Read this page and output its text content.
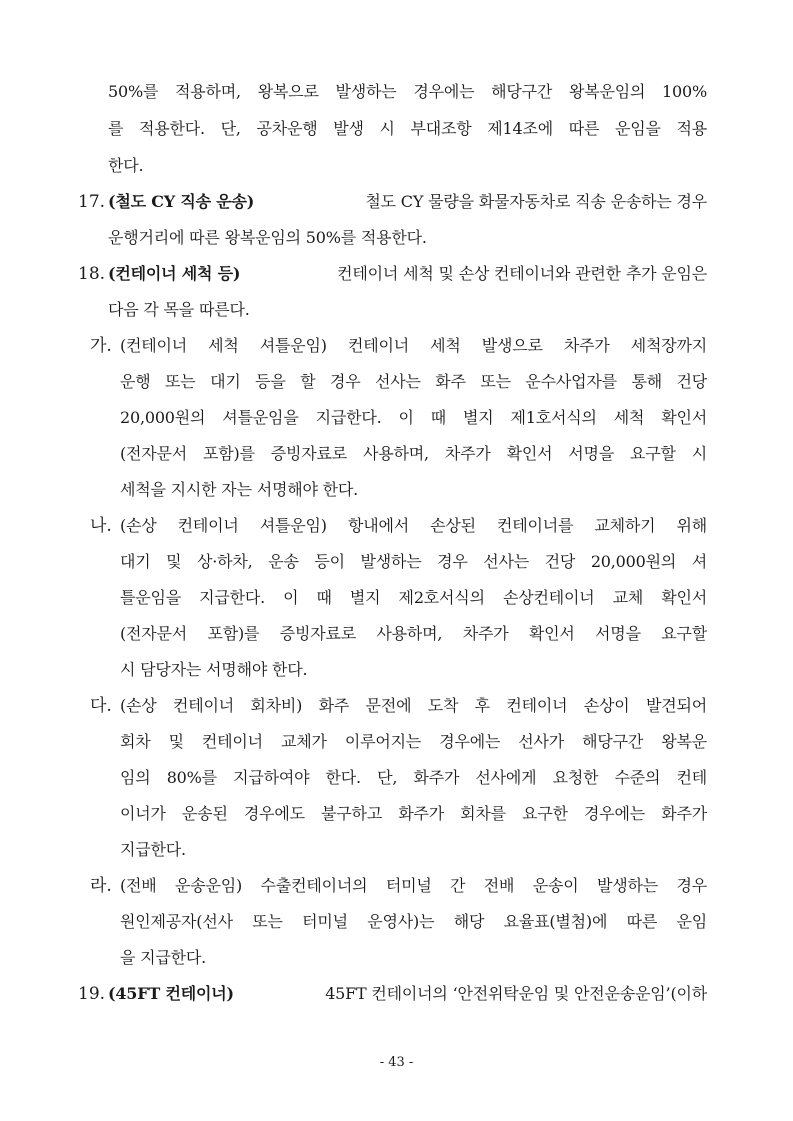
50%를 적용하며, 왕복으로 발생하는 경우에는 해당구간 왕복운임의 100%
를 적용한다. 단, 공차운행 발생 시 부대조항 제14조에 따른 운임을 적용
한다.
17. (철도 CY 직송 운송)	철도 CY 물량을 화물자동차로 직송 운송하는 경우
운행거리에 따른 왕복운임의 50%를 적용한다.
18. (컨테이너 세척 등)	컨테이너 세척 및 손상 컨테이너와 관련한 추가 운임은
다음 각 목을 따른다.
가. (컨테이너 세척 셔틀운임) 컨테이너 세척 발생으로 차주가 세척장까지
운행 또는 대기 등을 할 경우 선사는 화주 또는 운수사업자를 통해 건당
20,000원의 셔틀운임을 지급한다. 이 때 별지 제1호서식의 세척 확인서
(전자문서 포함)를 증빙자료로 사용하며, 차주가 확인서 서명을 요구할 시
세척을 지시한 자는 서명해야 한다.
나. (손상 컨테이너 셔틀운임) 항내에서 손상된 컨테이너를 교체하기 위해
대기 및 상·하차, 운송 등이 발생하는 경우 선사는 건당 20,000원의 셔
틀운임을 지급한다. 이 때 별지 제2호서식의 손상컨테이너 교체 확인서
(전자문서 포함)를 증빙자료로 사용하며, 차주가 확인서 서명을 요구할
시 담당자는 서명해야 한다.
다. (손상 컨테이너 회차비) 화주 문전에 도착 후 컨테이너 손상이 발견되어
회차 및 컨테이너 교체가 이루어지는 경우에는 선사가 해당구간 왕복운
임의 80%를 지급하여야 한다. 단, 화주가 선사에게 요청한 수준의 컨테
이너가 운송된 경우에도 불구하고 화주가 회차를 요구한 경우에는 화주가
지급한다.
라. (전배 운송운임) 수출컨테이너의 터미널 간 전배 운송이 발생하는 경우
원인제공자(선사 또는 터미널 운영사)는 해당 요율표(별첨)에 따른 운임
을 지급한다.
19. (45FT 컨테이너)	45FT 컨테이너의 ‘안전위탁운임 및 안전운송운임’(이하
- 43 -
